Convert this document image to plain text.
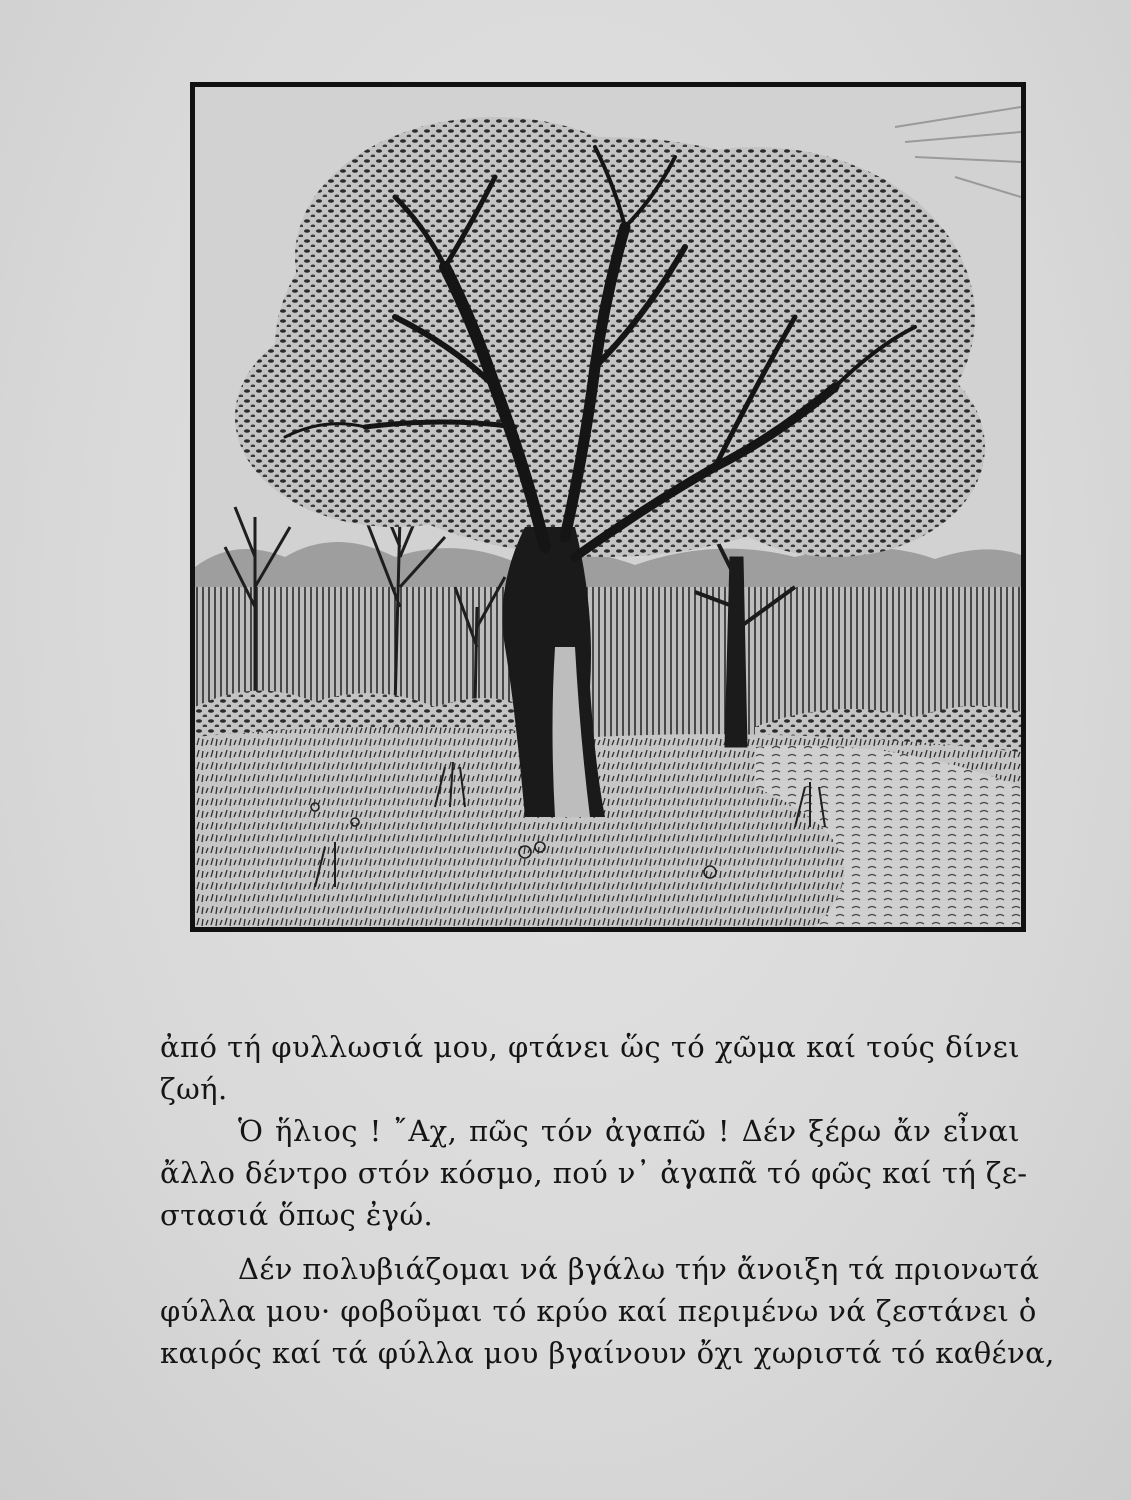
ἀπό τή φυλλωσιά μου, φτάνει ὥς τό χῶμα καί τούς δίνει
ζωή.
Ὁ ἥλιος ! ῎Αχ, πῶς τόν ἀγαπῶ ! Δέν ξέρω ἄν εἶναι
ἄλλο δέντρο στόν κόσμο, πού ν᾽ ἀγαπᾶ τό φῶς καί τή ζε-
στασιά ὅπως ἐγώ.
Δέν πολυβιάζομαι νά βγάλω τήν ἄνοιξη τά πριονωτά
φύλλα μου· φοβοῦμαι τό κρύο καί περιμένω νά ζεστάνει ὁ
καιρός καί τά φύλλα μου βγαίνουν ὄχι χωριστά τό καθένα,
